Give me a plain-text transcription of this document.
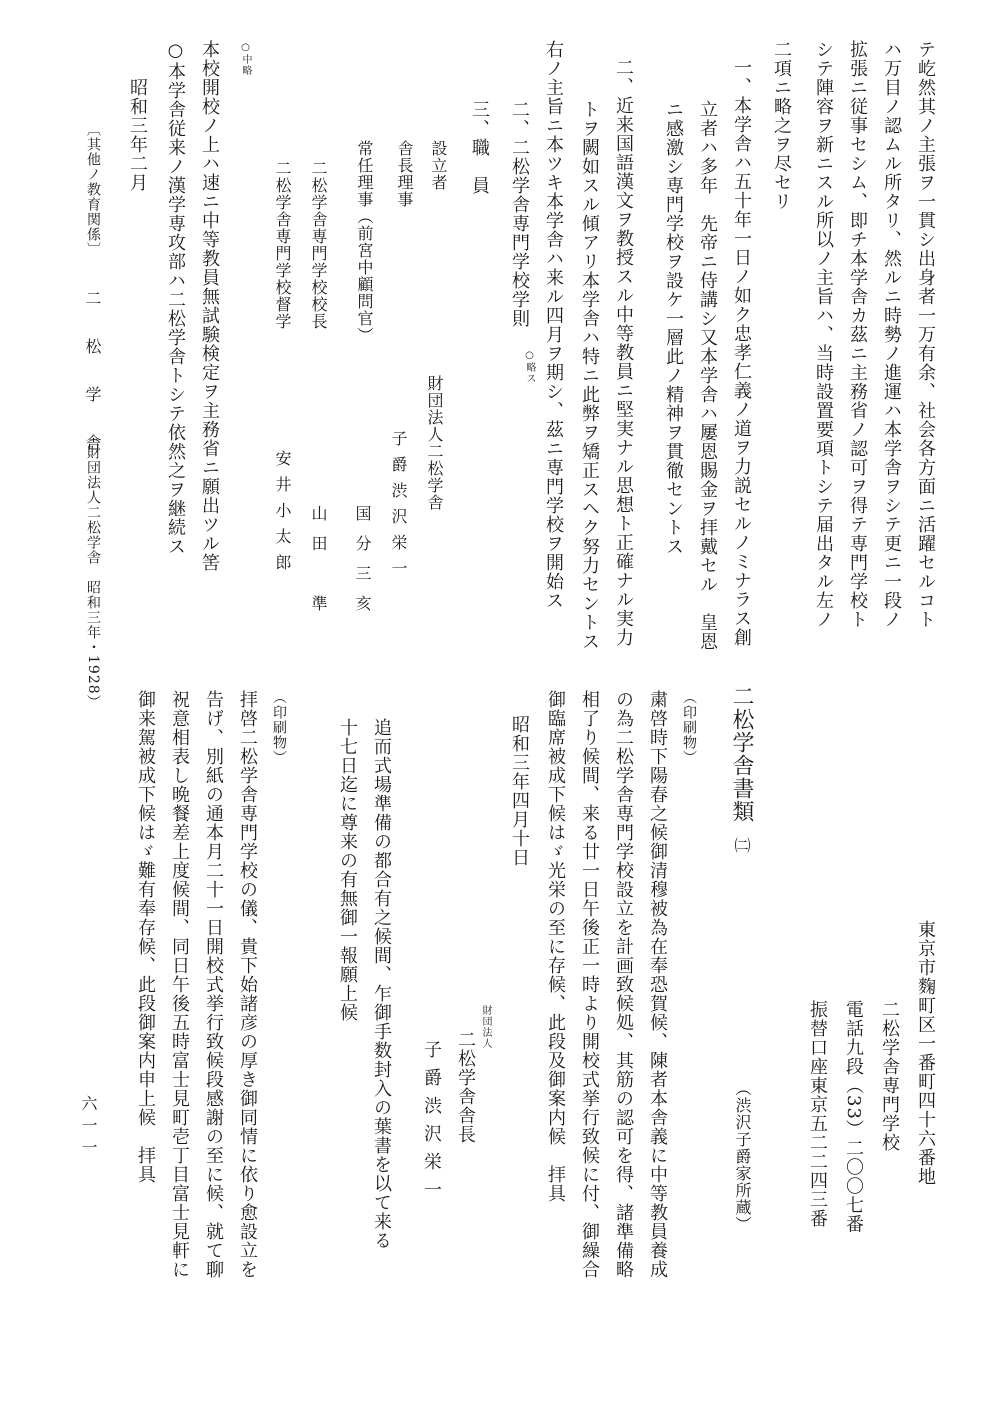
テ屹然其ノ主張ヲ一貫シ出身者一万有余、社会各方面ニ活躍セルコト
ハ万目ノ認ムル所タリ、然ルニ時勢ノ進運ハ本学舎ヲシテ更ニ一段ノ
拡張ニ従事セシム、即チ本学舎カ茲ニ主務省ノ認可ヲ得テ専門学校ト
シテ陣容ヲ新ニスル所以ノ主旨ハ、当時設置要項トシテ届出タル左ノ
二項ニ略之ヲ尽セリ
一、本学舎ハ五十年一日ノ如ク忠孝仁義ノ道ヲ力説セルノミナラス創
立者ハ多年　先帝ニ侍講シ又本学舎ハ屢恩賜金ヲ拝戴セル　皇恩
ニ感激シ専門学校ヲ設ケ一層此ノ精神ヲ貫徹セントス
二、近来国語漢文ヲ教授スル中等教員ニ堅実ナル思想ト正確ナル実力
トヲ闕如スル傾アリ本学舎ハ特ニ此弊ヲ矯正スヘク努力セントス
右ノ主旨ニ本ツキ本学舎ハ来ル四月ヲ期シ、茲ニ専門学校ヲ開始ス
二、二松学舎専門学校学則
○略ス
三、職　員
設立者
財団法人二松学舎
舎長理事
子爵渋沢栄一
常任理事（前宮中顧問官）
国分三亥
二松学舎専門学校校長
山田　準
二松学舎専門学校督学
安井小太郎
○中略
本校開校ノ上ハ速ニ中等教員無試験検定ヲ主務省ニ願出ツル筈
○本学舎従来ノ漢学専攻部ハ二松学舎トシテ依然之ヲ継続ス
昭和三年二月
〔其他ノ教育関係〕
二　松　学　舎
（財団法人二松学舎　昭和三年・1928）
東京市麴町区一番町四十六番地
二松学舎専門学校
電話九段（33）二〇〇七番
振替口座東京五二二四三番
二松学舎書類㈡
（渋沢子爵家所蔵）
（印刷物）
粛啓時下陽春之候御清穆被為在奉恐賀候、陳者本舎義に中等教員養成
の為二松学舎専門学校設立を計画致候処、其筋の認可を得、諸準備略
相了り候間、来る廿一日午後正一時より開校式挙行致候に付、御繰合
御臨席被成下候はゞ光栄の至に存候、此段及御案内候　拝具
昭和三年四月十日
財団法人
二松学舎舎長
子爵渋沢栄一
追而式場準備の都合有之候間、乍御手数封入の葉書を以て来る
十七日迄に尊来の有無御一報願上候
（印刷物）
拝啓二松学舎専門学校の儀、貴下始諸彦の厚き御同情に依り愈設立を
告げ、別紙の通本月二十一日開校式挙行致候段感謝の至に候、就て聊
祝意相表し晩餐差上度候間、同日午後五時富士見町壱丁目富士見軒に
御来駕被成下候はゞ難有奉存候、此段御案内申上候　拝具
六一一
